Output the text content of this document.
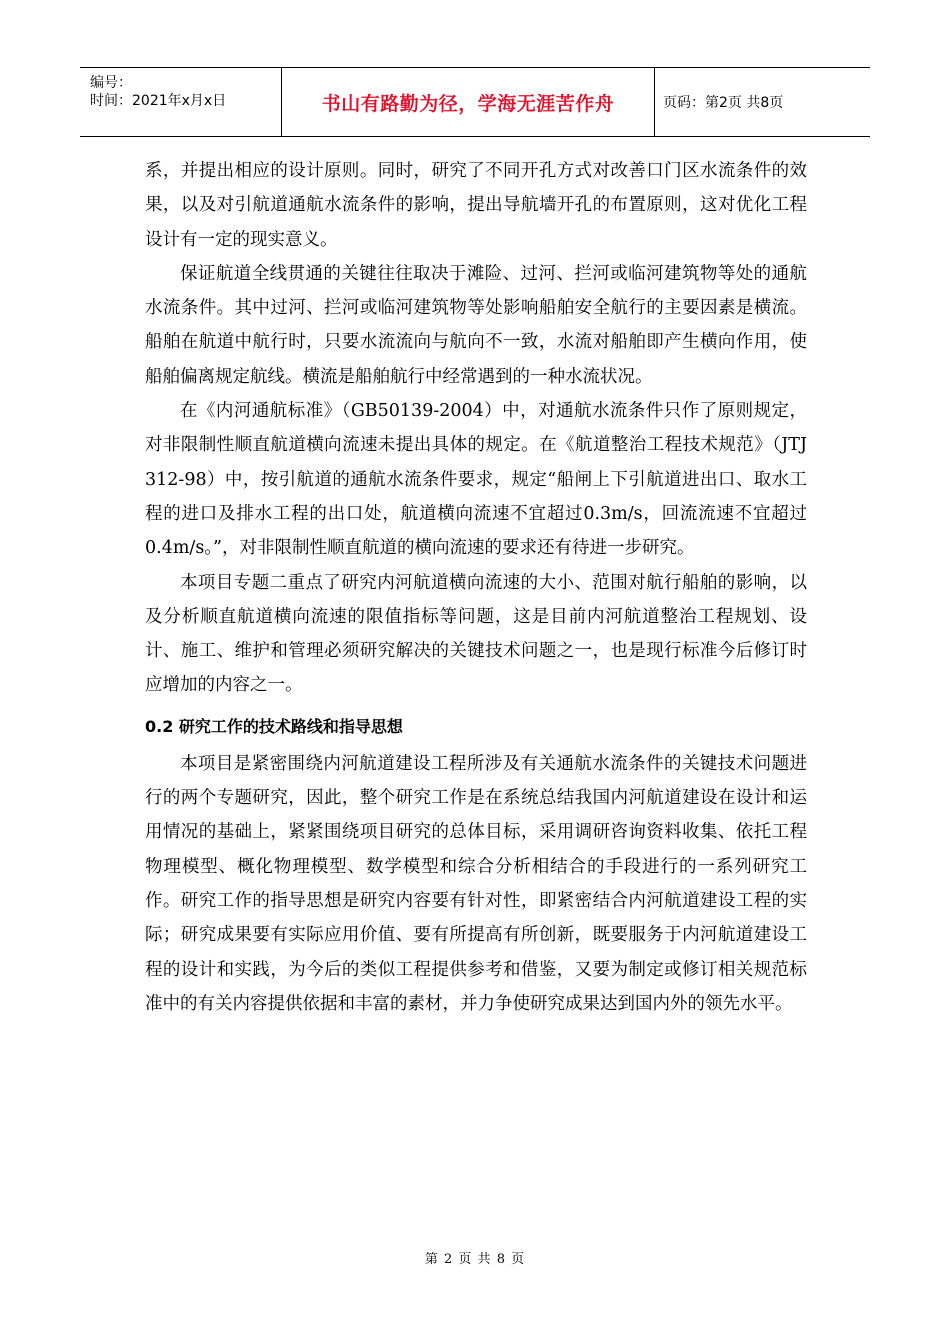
编号：
时间：2021年x月x日	书山有路勤为径，学海无涯苦作舟	页码：第2页 共8页

系，并提出相应的设计原则。同时，研究了不同开孔方式对改善口门区水流条件的效果，以及对引航道通航水流条件的影响，提出导航墙开孔的布置原则，这对优化工程设计有一定的现实意义。

保证航道全线贯通的关键往往取决于滩险、过河、拦河或临河建筑物等处的通航水流条件。其中过河、拦河或临河建筑物等处影响船舶安全航行的主要因素是横流。船舶在航道中航行时，只要水流流向与航向不一致，水流对船舶即产生横向作用，使船舶偏离规定航线。横流是船舶航行中经常遇到的一种水流状况。

在《内河通航标准》（GB50139-2004）中，对通航水流条件只作了原则规定，对非限制性顺直航道横向流速未提出具体的规定。在《航道整治工程技术规范》（JTJ 312-98）中，按引航道的通航水流条件要求，规定“船闸上下引航道进出口、取水工程的进口及排水工程的出口处，航道横向流速不宜超过0.3m/s，回流流速不宜超过0.4m/s。”，对非限制性顺直航道的横向流速的要求还有待进一步研究。

本项目专题二重点了研究内河航道横向流速的大小、范围对航行船舶的影响，以及分析顺直航道横向流速的限值指标等问题，这是目前内河航道整治工程规划、设计、施工、维护和管理必须研究解决的关键技术问题之一，也是现行标准今后修订时应增加的内容之一。

0.2 研究工作的技术路线和指导思想

本项目是紧密围绕内河航道建设工程所涉及有关通航水流条件的关键技术问题进行的两个专题研究，因此，整个研究工作是在系统总结我国内河航道建设在设计和运用情况的基础上，紧紧围绕项目研究的总体目标，采用调研咨询资料收集、依托工程物理模型、概化物理模型、数学模型和综合分析相结合的手段进行的一系列研究工作。研究工作的指导思想是研究内容要有针对性，即紧密结合内河航道建设工程的实际；研究成果要有实际应用价值、要有所提高有所创新，既要服务于内河航道建设工程的设计和实践，为今后的类似工程提供参考和借鉴，又要为制定或修订相关规范标准中的有关内容提供依据和丰富的素材，并力争使研究成果达到国内外的领先水平。

第 2 页 共 8 页
